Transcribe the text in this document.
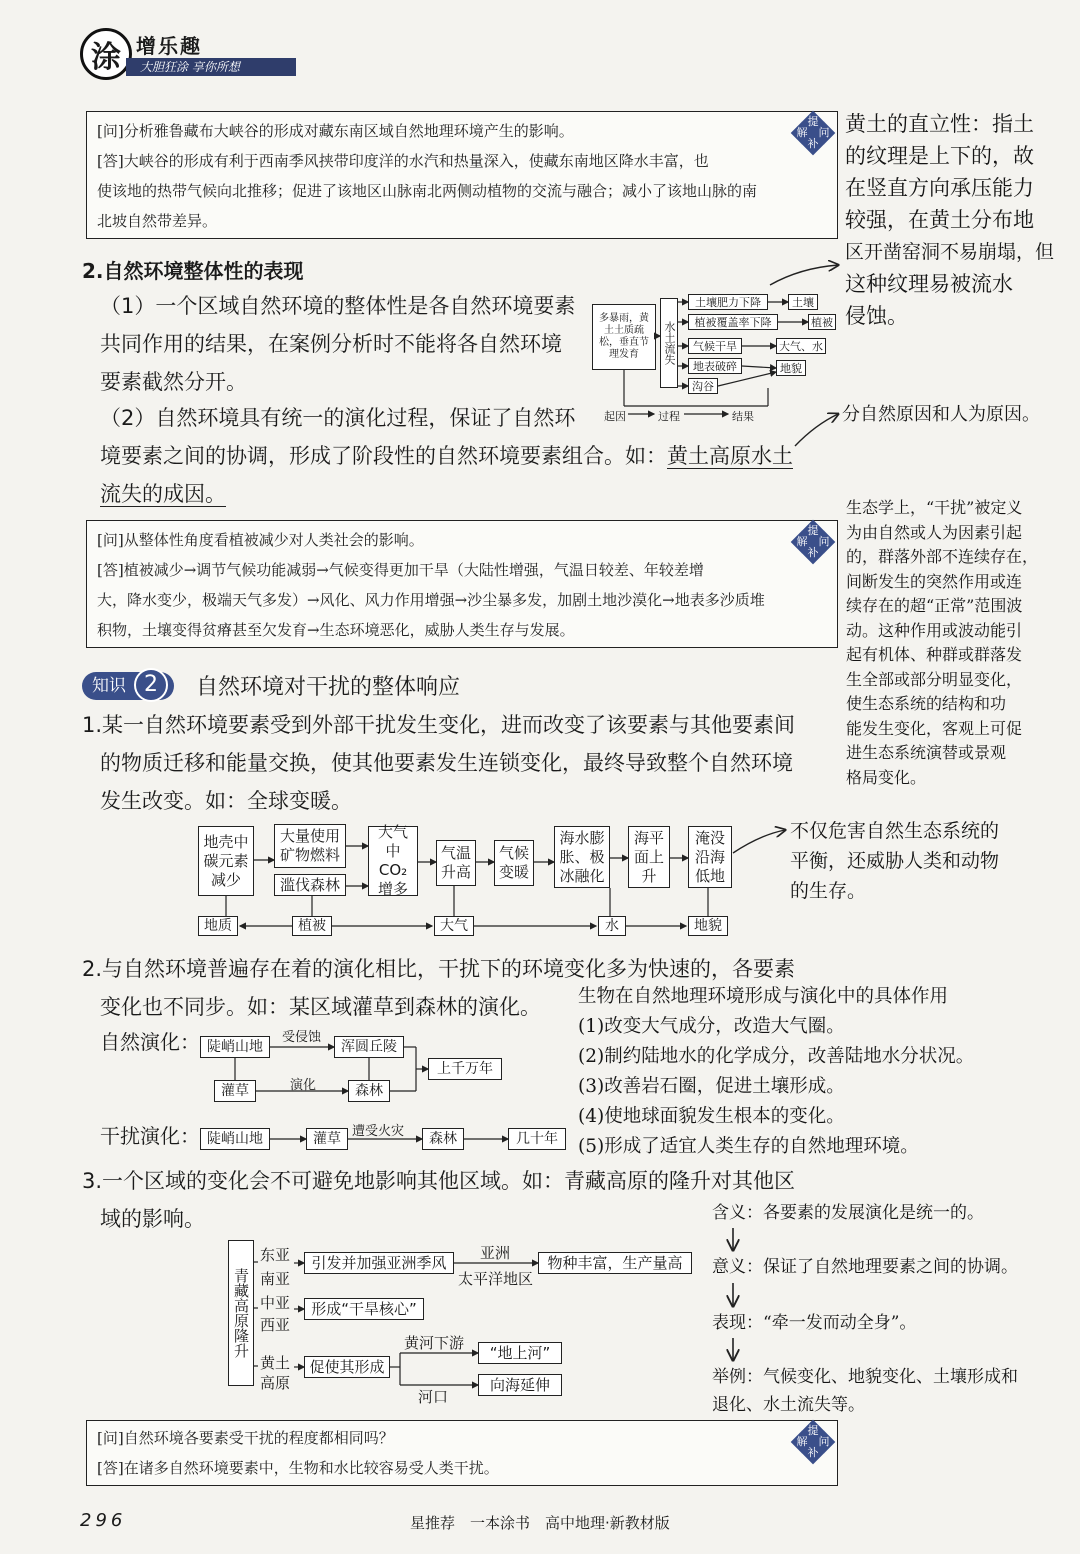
涂 增乐趣
大胆狂涂 享你所想

[问]分析雅鲁藏布大峡谷的形成对藏东南区域自然地理环境产生的影响。

[答]大峡谷的形成有利于西南季风挟带印度洋的水汽和热量深入，使藏东南地区降水丰富，也

使该地的热带气候向北推移；促进了该地区山脉南北两侧动植物的交流与融合；减小了该地山脉的南

北坡自然带差异。

提
问
解
补
黄土的直立性：指土
的纹理是上下的，故
在竖直方向承压能力
较强，在黄土分布地
区开凿窑洞不易崩塌，但
这种纹理易被流水
侵蚀。
2.自然环境整体性的表现
（1）一个区域自然环境的整体性是各自然环境要素
共同作用的结果，在案例分析时不能将各自然环境
要素截然分开。
（2）自然环境具有统一的演化过程，保证了自然环
境要素之间的协调，形成了阶段性的自然环境要素组合。如：黄土高原水土
流失的成因。
多暴雨，黄土土质疏松，垂直节理发育	水土流失
土壤肥力下降
植被覆盖率下降
气候干旱
地表破碎
沟谷
土壤
植被
大气、水
地貌
起因	过程	结果	分自然原因和人为原因。
生态学上，“干扰”被定义
为由自然或人为因素引起
的，群落外部不连续存在，
间断发生的突然作用或连
续存在的超“正常”范围波
动。这种作用或波动能引
起有机体、种群或群落发
生全部或部分明显变化，
使生态系统的结构和功
能发生变化，客观上可促
进生态系统演替或景观
格局变化。

[问]从整体性角度看植被减少对人类社会的影响。

[答]植被减少→调节气候功能减弱→气候变得更加干旱（大陆性增强，气温日较差、年较差增

大，降水变少，极端天气多发）→风化、风力作用增强→沙尘暴多发，加剧土地沙漠化→地表多沙质堆

积物，土壤变得贫瘠甚至欠发育→生态环境恶化，威胁人类生存与发展。

提
问
解
补
知识 2	自然环境对干扰的整体响应
1.某一自然环境要素受到外部干扰发生变化，进而改变了该要素与其他要素间
的物质迁移和能量交换，使其他要素发生连锁变化，最终导致整个自然环境
发生改变。如：全球变暖。
地壳中碳元素减少
大量使用矿物燃料
滥伐森林
大气中CO₂增多
气温升高
气候变暖
海水膨胀、极冰融化
海平面上升
淹没沿海低地
地质	植被	大气	水	地貌
不仅危害自然生态系统的
平衡，还威胁人类和动物
的生存。
2.与自然环境普遍存在着的演化相比，干扰下的环境变化多为快速的，各要素
变化也不同步。如：某区域灌草到森林的演化。
自然演化： 陡峭山地	浑圆丘陵
灌草	森林
上千万年
受侵蚀
演化
干扰演化： 陡峭山地	灌草	森林	几十年
遭受火灾
生物在自然地理环境形成与演化中的具体作用
(1)改变大气成分，改造大气圈。
(2)制约陆地水的化学成分，改善陆地水分状况。
(3)改善岩石圈，促进土壤形成。
(4)使地球面貌发生根本的变化。
(5)形成了适宜人类生存的自然地理环境。
3.一个区域的变化会不可避免地影响其他区域。如：青藏高原的隆升对其他区
域的影响。
青藏高原隆升
东亚
南亚
中亚
西亚
黄土
高原
引发并加强亚洲季风
亚洲
太平洋地区
物种丰富，生产量高
形成“干旱核心”
促使其形成
黄河下游
“地上河”
河口
向海延伸
含义：各要素的发展演化是统一的。
意义：保证了自然地理要素之间的协调。
表现：“牵一发而动全身”。
举例：气候变化、地貌变化、土壤形成和
退化、水土流失等。

[问]自然环境各要素受干扰的程度都相同吗？

[答]在诸多自然环境要素中，生物和水比较容易受人类干扰。

提
问
解
补
296	星推荐　一本涂书　高中地理·新教材版
